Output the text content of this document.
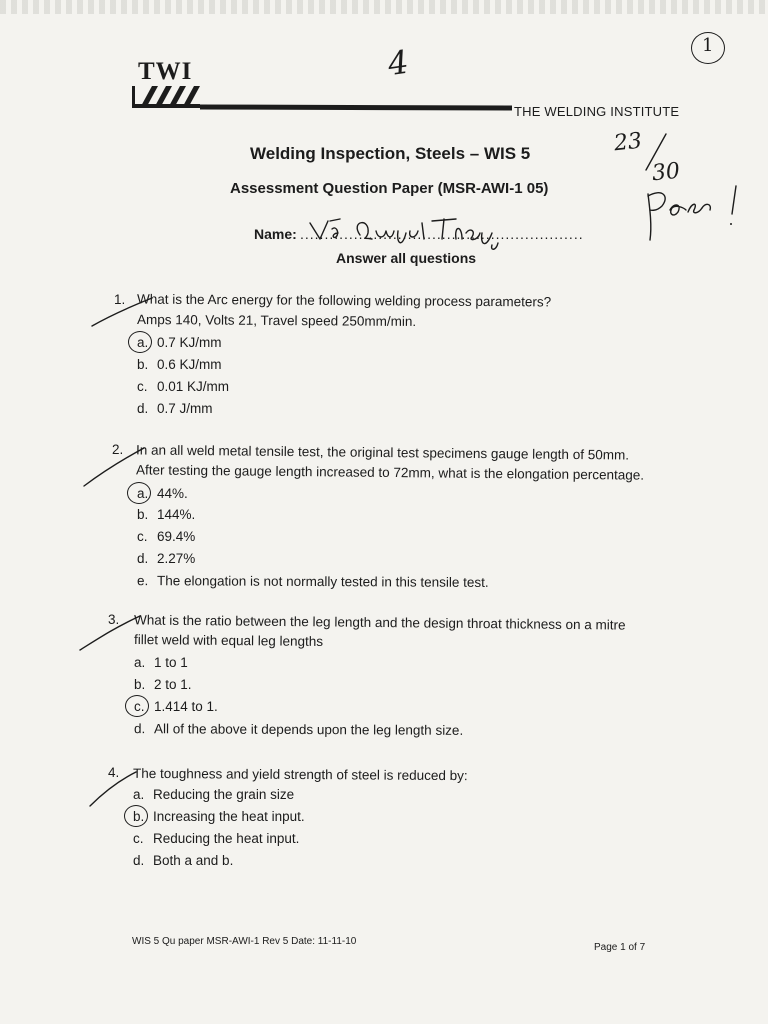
TWI
THE WELDING INSTITUTE
4	1
23
30
Welding Inspection, Steels – WIS 5
Assessment Question Paper (MSR-AWI-1 05)
Name: ..........................................................
Answer all questions
1. What is the Arc energy for the following welding process parameters?
Amps 140, Volts 21, Travel speed 250mm/min.
a. 0.7 KJ/mm
b. 0.6 KJ/mm
c. 0.01 KJ/mm
d. 0.7 J/mm
2. In an all weld metal tensile test, the original test specimens gauge length of 50mm.
After testing the gauge length increased to 72mm, what is the elongation percentage.
a. 44%.
b. 144%.
c. 69.4%
d. 2.27%
e. The elongation is not normally tested in this tensile test.
3. What is the ratio between the leg length and the design throat thickness on a mitre
fillet weld with equal leg lengths
a. 1 to 1
b. 2 to 1.
c. 1.414 to 1.
d. All of the above it depends upon the leg length size.
4. The toughness and yield strength of steel is reduced by:
a. Reducing the grain size
b. Increasing the heat input.
c. Reducing the heat input.
d. Both a and b.
WIS 5 Qu paper MSR-AWI-1 Rev 5 Date: 11-11-10
Page 1 of 7
